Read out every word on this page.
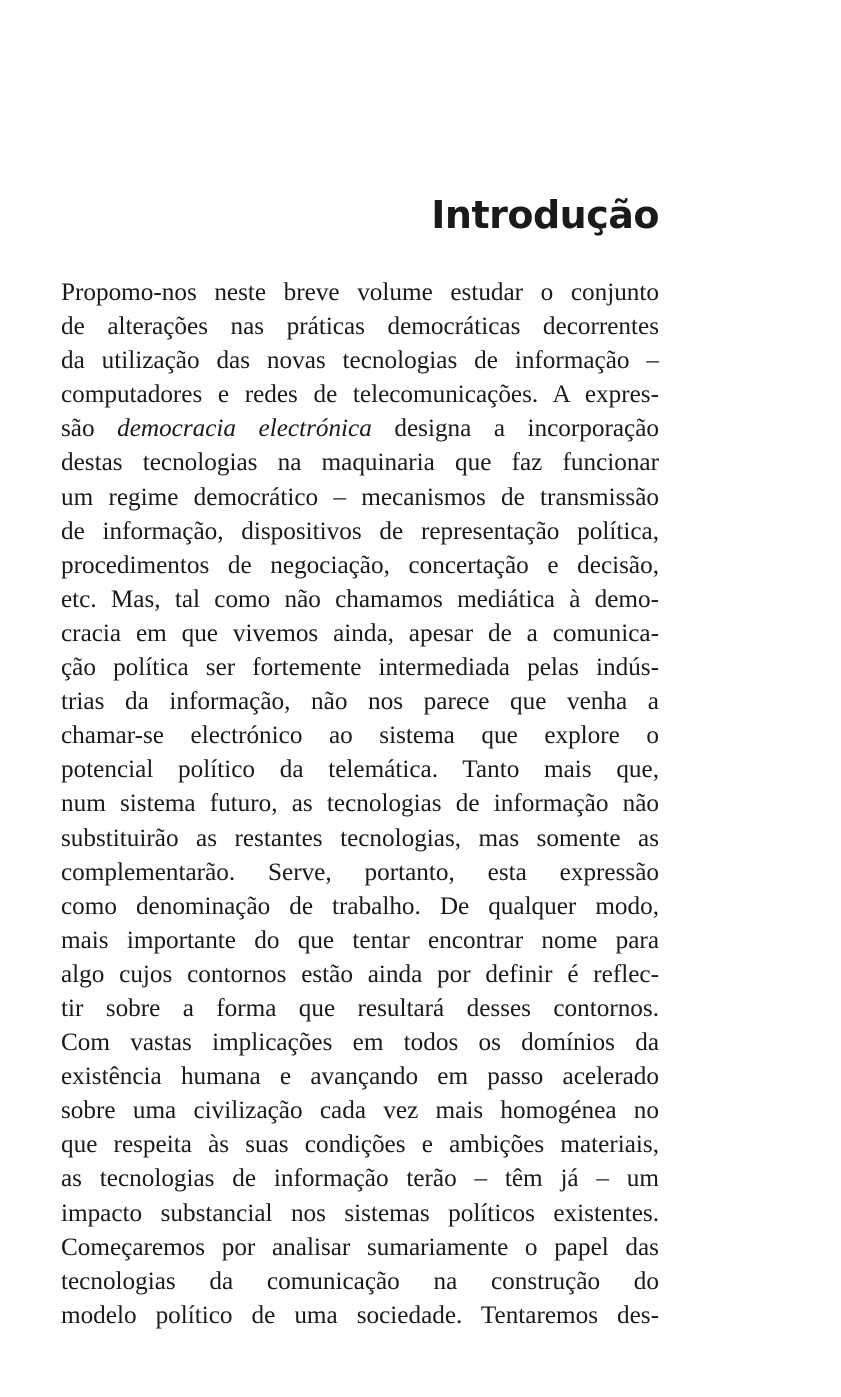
Introdução
Propomo-nos neste breve volume estudar o conjunto
de alterações nas práticas democráticas decorrentes
da utilização das novas tecnologias de informação –
computadores e redes de telecomunicações. A expres-
são democracia electrónica designa a incorporação
destas tecnologias na maquinaria que faz funcionar
um regime democrático – mecanismos de transmissão
de informação, dispositivos de representação política,
procedimentos de negociação, concertação e decisão,
etc. Mas, tal como não chamamos mediática à demo-
cracia em que vivemos ainda, apesar de a comunica-
ção política ser fortemente intermediada pelas indús-
trias da informação, não nos parece que venha a
chamar-se electrónico ao sistema que explore o
potencial político da telemática. Tanto mais que,
num sistema futuro, as tecnologias de informação não
substituirão as restantes tecnologias, mas somente as
complementarão. Serve, portanto, esta expressão
como denominação de trabalho. De qualquer modo,
mais importante do que tentar encontrar nome para
algo cujos contornos estão ainda por definir é reflec-
tir sobre a forma que resultará desses contornos.
Com vastas implicações em todos os domínios da
existência humana e avançando em passo acelerado
sobre uma civilização cada vez mais homogénea no
que respeita às suas condições e ambições materiais,
as tecnologias de informação terão – têm já – um
impacto substancial nos sistemas políticos existentes.
Começaremos por analisar sumariamente o papel das
tecnologias da comunicação na construção do
modelo político de uma sociedade. Tentaremos des-
